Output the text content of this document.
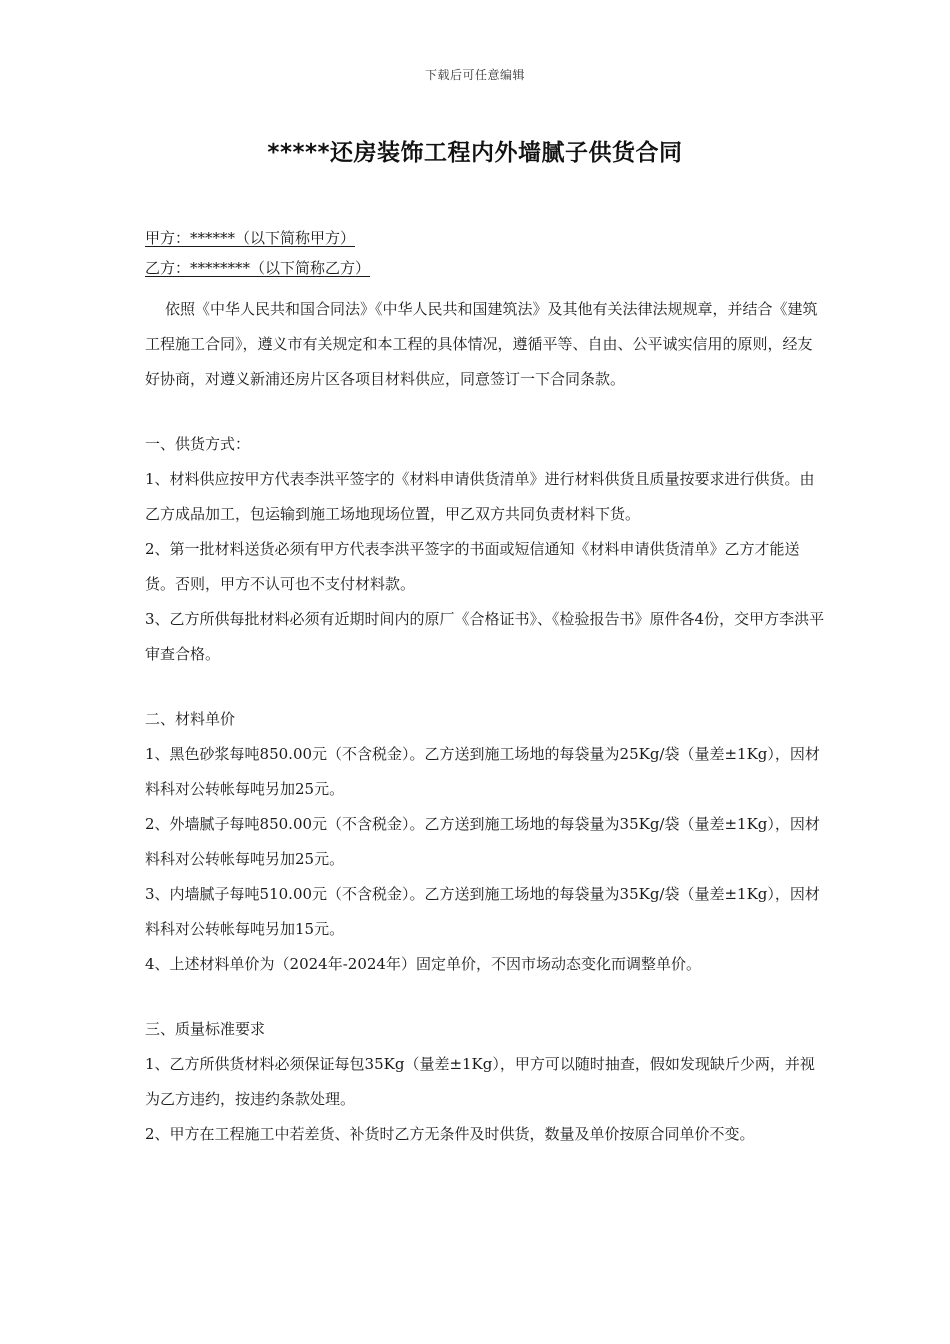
下载后可任意编辑
*****还房装饰工程内外墙腻子供货合同
甲方：******（以下简称甲方）
乙方：********（以下简称乙方）

依照《中华人民共和国合同法》《中华人民共和国建筑法》及其他有关法律法规规章，并结合《建筑工程施工合同》，遵义市有关规定和本工程的具体情况，遵循平等、自由、公平诚实信用的原则，经友好协商，对遵义新浦还房片区各项目材料供应，同意签订一下合同条款。

一、供货方式：

1、材料供应按甲方代表李洪平签字的《材料申请供货清单》进行材料供货且质量按要求进行供货。由乙方成品加工，包运输到施工场地现场位置，甲乙双方共同负责材料下货。

2、第一批材料送货必须有甲方代表李洪平签字的书面或短信通知《材料申请供货清单》乙方才能送货。否则，甲方不认可也不支付材料款。

3、乙方所供每批材料必须有近期时间内的原厂《合格证书》、《检验报告书》原件各4份，交甲方李洪平审查合格。

二、材料单价

1、黑色砂浆每吨850.00元（不含税金）。乙方送到施工场地的每袋量为25Kg/袋（量差±1Kg），因材料科对公转帐每吨另加25元。

2、外墙腻子每吨850.00元（不含税金）。乙方送到施工场地的每袋量为35Kg/袋（量差±1Kg），因材料科对公转帐每吨另加25元。

3、内墙腻子每吨510.00元（不含税金）。乙方送到施工场地的每袋量为35Kg/袋（量差±1Kg），因材料科对公转帐每吨另加15元。

4、上述材料单价为（2024年-2024年）固定单价，不因市场动态变化而调整单价。

三、质量标准要求

1、乙方所供货材料必须保证每包35Kg（量差±1Kg），甲方可以随时抽查，假如发现缺斤少两，并视为乙方违约，按违约条款处理。

2、甲方在工程施工中若差货、补货时乙方无条件及时供货，数量及单价按原合同单价不变。
